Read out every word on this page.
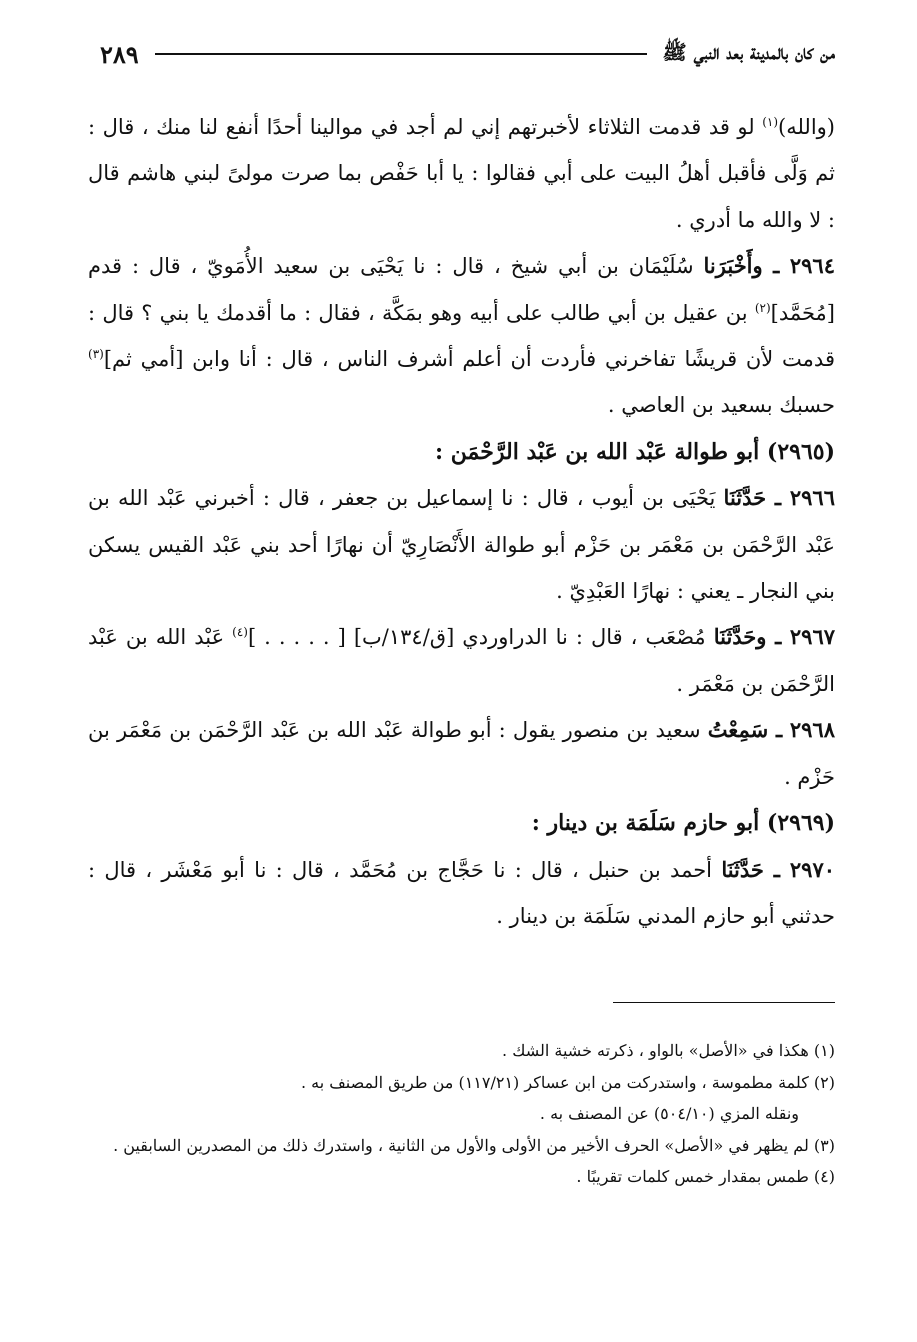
من كان بالمدينة بعد النبي ﷺ
٢٨٩

(والله)$^{(١)}$ لو قد قدمت الثلاثاء لأخبرتهم إني لم أجد في موالينا أحدًا أنفع لنا منك ، قال : ثم وَلَّى فأقبل أهلُ البيت على أبي فقالوا : يا أبا حَفْص بما صرت مولىً لبني هاشم قال : لا والله ما أدري .

٢٩٦٤ ـ وأَخْبَرَنا سُلَيْمَان بن أبي شيخ ، قال : نا يَحْيَى بن سعيد الأُمَويّ ، قال : قدم [مُحَمَّد]$^{(٢)}$ بن عقيل بن أبي طالب على أبيه وهو بمَكَّة ، فقال : ما أقدمك يا بني ؟ قال : قدمت لأن قريشًا تفاخرني فأردت أن أعلم أشرف الناس ، قال : أنا وابن [أمي ثم]$^{(٣)}$ حسبك بسعيد بن العاصي .

(٢٩٦٥) أبو طوالة عَبْد الله بن عَبْد الرَّحْمَن :

٢٩٦٦ ـ حَدَّثَنَا يَحْيَى بن أيوب ، قال : نا إسماعيل بن جعفر ، قال : أخبرني عَبْد الله بن عَبْد الرَّحْمَن بن مَعْمَر بن حَزْم أبو طوالة الأَنْصَارِيّ أن نهارًا أحد بني عَبْد القيس يسكن بني النجار ـ يعني : نهارًا العَبْدِيّ .

٢٩٦٧ ـ وحَدَّثَنَا مُصْعَب ، قال : نا الدراوردي [ق/١٣٤/ب] [ . . . . . ]$^{(٤)}$ عَبْد الله بن عَبْد الرَّحْمَن بن مَعْمَر .

٢٩٦٨ ـ سَمِعْتُ سعيد بن منصور يقول : أبو طوالة عَبْد الله بن عَبْد الرَّحْمَن بن مَعْمَر بن حَزْم .

(٢٩٦٩) أبو حازم سَلَمَة بن دينار :

٢٩٧٠ ـ حَدَّثَنَا أحمد بن حنبل ، قال : نا حَجَّاج بن مُحَمَّد ، قال : نا أبو مَعْشَر ، قال : حدثني أبو حازم المدني سَلَمَة بن دينار .

(١) هكذا في «الأصل» بالواو ، ذكرته خشية الشك .

(٢) كلمة مطموسة ، واستدركت من ابن عساكر (١١٧/٢١) من طريق المصنف به .

ونقله المزي (٥٠٤/١٠) عن المصنف به .

(٣) لم يظهر في «الأصل» الحرف الأخير من الأولى والأول من الثانية ، واستدرك ذلك من المصدرين السابقين .

(٤) طمس بمقدار خمس كلمات تقريبًا .
